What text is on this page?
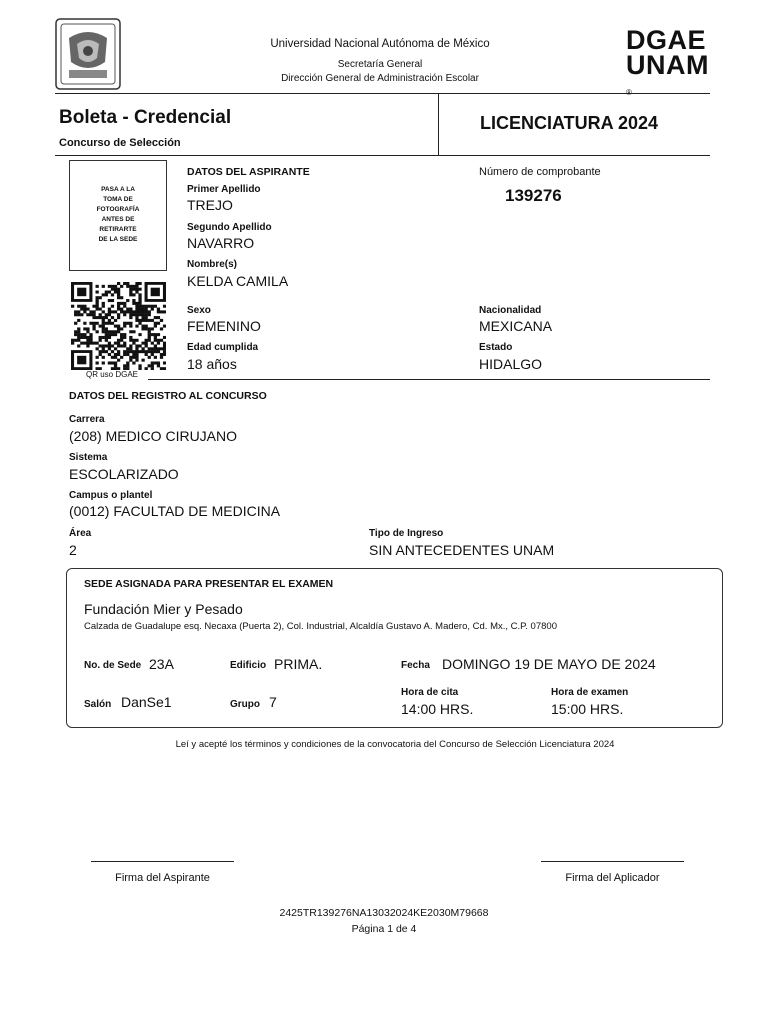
Universidad Nacional Autónoma de México
Secretaría General
Dirección General de Administración Escolar
DGAE
UNAM
Boleta - Credencial
Concurso de Selección
LICENCIATURA 2024
PASA A LA
TOMA DE
FOTOGRAFÍA
ANTES DE
RETIRARTE
DE LA SEDE
QR uso DGAE
DATOS DEL ASPIRANTE	Número de comprobante
139276
Primer Apellido
TREJO
Segundo Apellido
NAVARRO
Nombre(s)
KELDA CAMILA
Sexo
FEMENINO
Nacionalidad
MEXICANA
Edad cumplida
18 años
Estado
HIDALGO
DATOS DEL REGISTRO AL CONCURSO
Carrera
(208) MEDICO CIRUJANO
Sistema
ESCOLARIZADO
Campus o plantel
(0012) FACULTAD DE MEDICINA
Área
2
Tipo de Ingreso
SIN ANTECEDENTES UNAM
SEDE ASIGNADA PARA PRESENTAR EL EXAMEN
Fundación Mier y Pesado
Calzada de Guadalupe esq. Necaxa (Puerta 2), Col. Industrial, Alcaldía Gustavo A. Madero, Cd. Mx., C.P. 07800
No. de Sede 23A	Edificio PRIMA.	Fecha DOMINGO 19 DE MAYO DE 2024
Salón DanSe1	Grupo 7
Hora de cita
14:00 HRS.
Hora de examen
15:00 HRS.
Leí y acepté los términos y condiciones de la convocatoria del Concurso de Selección Licenciatura 2024
Firma del Aspirante	Firma del Aplicador
2425TR139276NA13032024KE2030M79668
Página 1 de 4
